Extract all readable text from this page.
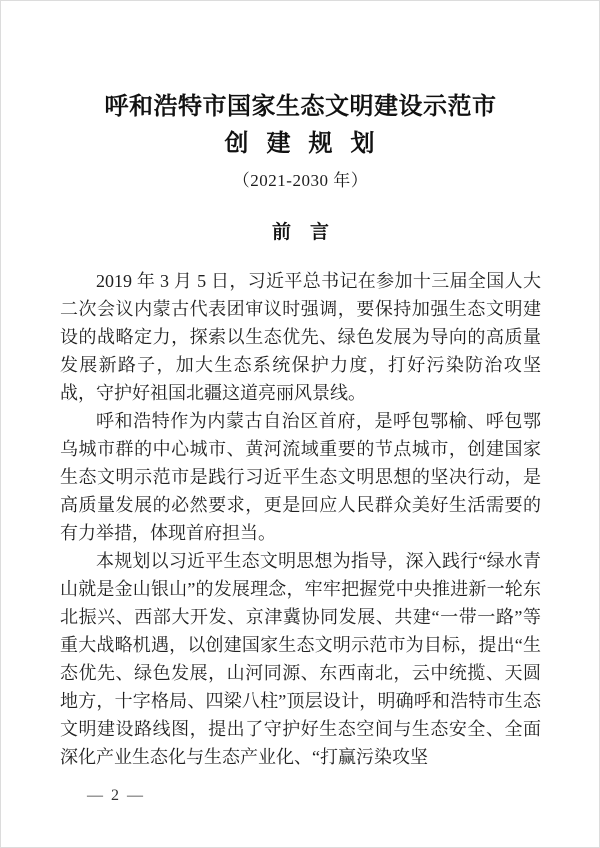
呼和浩特市国家生态文明建设示范市
创 建 规 划
（2021-2030 年）
前　言

2019 年 3 月 5 日，习近平总书记在参加十三届全国人大二次会议内蒙古代表团审议时强调，要保持加强生态文明建设的战略定力，探索以生态优先、绿色发展为导向的高质量发展新路子，加大生态系统保护力度，打好污染防治攻坚战，守护好祖国北疆这道亮丽风景线。

呼和浩特作为内蒙古自治区首府，是呼包鄂榆、呼包鄂乌城市群的中心城市、黄河流域重要的节点城市，创建国家生态文明示范市是践行习近平生态文明思想的坚决行动，是高质量发展的必然要求，更是回应人民群众美好生活需要的有力举措，体现首府担当。

本规划以习近平生态文明思想为指导，深入践行“绿水青山就是金山银山”的发展理念，牢牢把握党中央推进新一轮东北振兴、西部大开发、京津冀协同发展、共建“一带一路”等重大战略机遇，以创建国家生态文明示范市为目标，提出“生态优先、绿色发展，山河同源、东西南北，云中统揽、天圆地方，十字格局、四梁八柱”顶层设计，明确呼和浩特市生态文明建设路线图，提出了守护好生态空间与生态安全、全面深化产业生态化与生态产业化、“打赢污染攻坚

— 2 —
